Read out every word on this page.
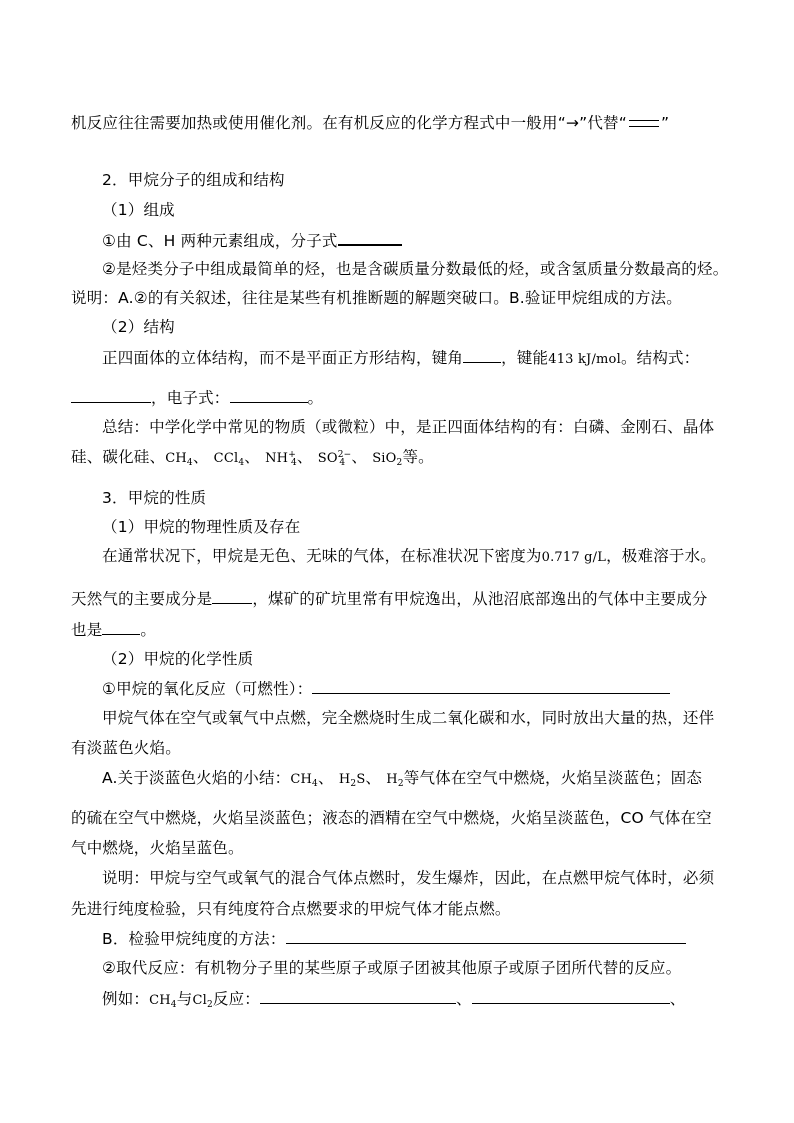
机反应往往需要加热或使用催化剂。在有机反应的化学方程式中一般用“→”代替“ ”
2．甲烷分子的组成和结构
（1）组成
①由 C、H 两种元素组成，分子式
②是烃类分子中组成最简单的烃，也是含碳质量分数最低的烃，或含氢质量分数最高的烃。
说明：A.②的有关叙述，往往是某些有机推断题的解题突破口。B.验证甲烷组成的方法。
（2）结构
正四面体的立体结构，而不是平面正方形结构，键角 ，键能413 kJ/mol。结构式：
，电子式：	。
总结：中学化学中常见的物质（或微粒）中，是正四面体结构的有：白磷、金刚石、晶体
硅、碳化硅、$CH_4$、 CCl$_4$、 $NH^+_4$、 $SO^{2-}_4$ 、 SiO$_2$等。
3．甲烷的性质
（1）甲烷的物理性质及存在
在通常状况下，甲烷是无色、无味的气体，在标准状况下密度为0.717 g/L，极难溶于水。
天然气的主要成分是	，煤矿的矿坑里常有甲烷逸出，从池沼底部逸出的气体中主要成分
也是 。
（2）甲烷的化学性质
①甲烷的氧化反应（可燃性）：
甲烷气体在空气或氧气中点燃，完全燃烧时生成二氧化碳和水，同时放出大量的热，还伴
有淡蓝色火焰。
A.关于淡蓝色火焰的小结：$CH_4$、 $H_2S$、 $H_2$等气体在空气中燃烧，火焰呈淡蓝色；固态
的硫在空气中燃烧，火焰呈淡蓝色；液态的酒精在空气中燃烧，火焰呈淡蓝色，CO 气体在空
气中燃烧，火焰呈蓝色。
说明：甲烷与空气或氧气的混合气体点燃时，发生爆炸，因此，在点燃甲烷气体时，必须
先进行纯度检验，只有纯度符合点燃要求的甲烷气体才能点燃。
B．检验甲烷纯度的方法：
②取代反应：有机物分子里的某些原子或原子团被其他原子或原子团所代替的反应。
例如：$CH_4$与$Cl_2$反应：	、	、
